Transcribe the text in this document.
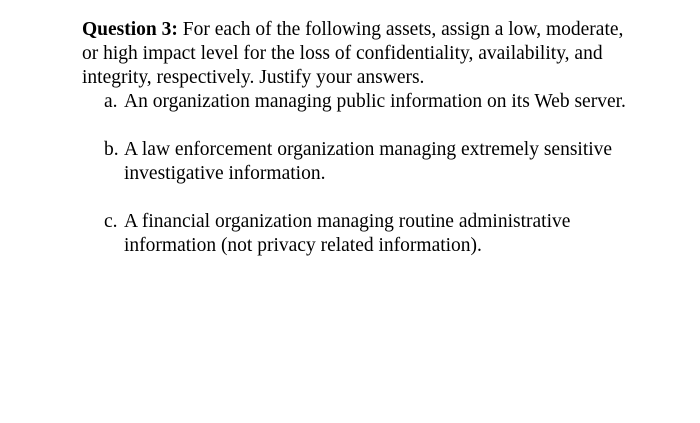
Question 3: For each of the following assets, assign a low, moderate, or high impact level for the loss of confidentiality, availability, and integrity, respectively. Justify your answers.
a. An organization managing public information on its Web server.
b. A law enforcement organization managing extremely sensitive investigative information.
c. A financial organization managing routine administrative information (not privacy related information).
